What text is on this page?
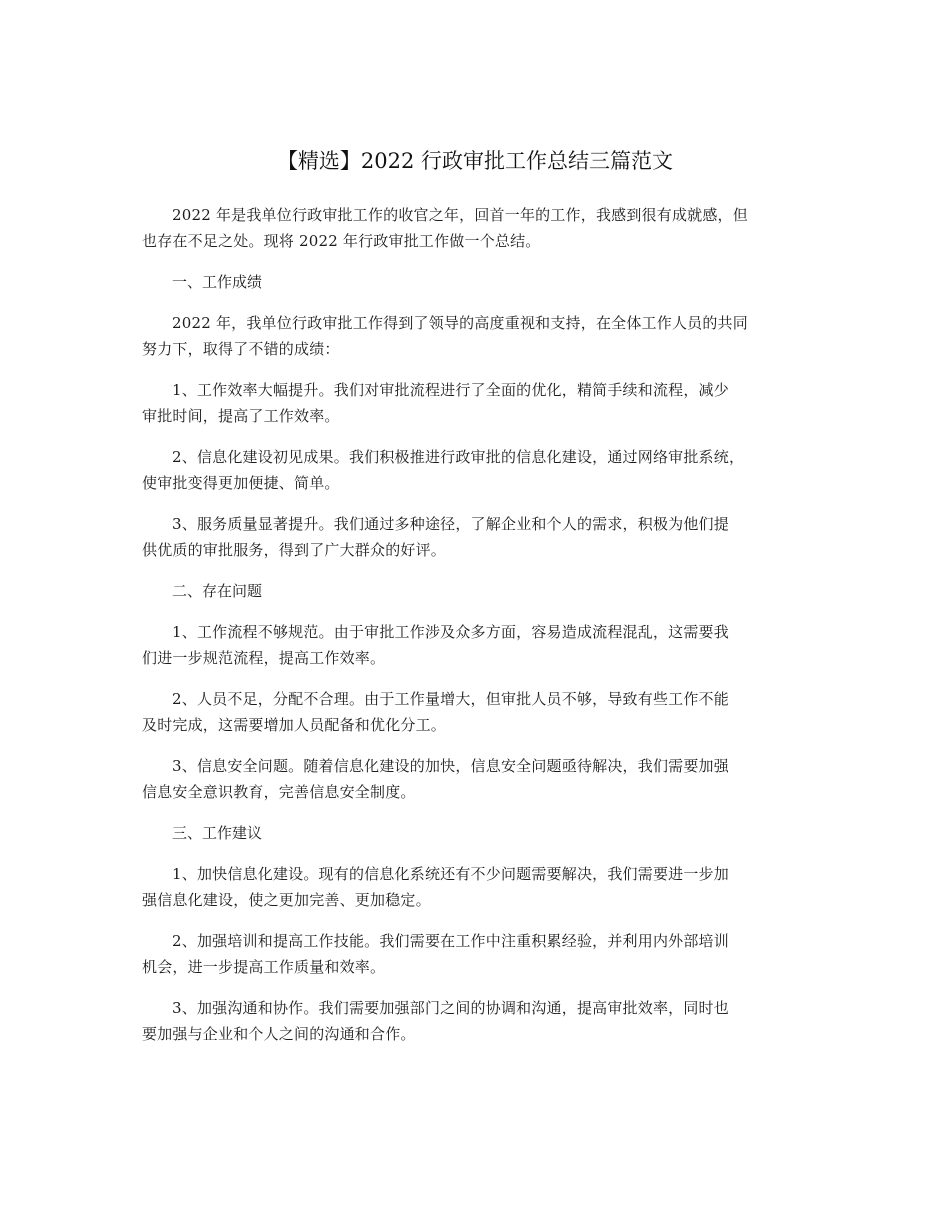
【精选】2022 行政审批工作总结三篇范文

2022 年是我单位行政审批工作的收官之年，回首一年的工作，我感到很有成就感，但
也存在不足之处。现将 2022 年行政审批工作做一个总结。

一、工作成绩

2022 年，我单位行政审批工作得到了领导的高度重视和支持，在全体工作人员的共同
努力下，取得了不错的成绩：

1、工作效率大幅提升。我们对审批流程进行了全面的优化，精简手续和流程，减少
审批时间，提高了工作效率。

2、信息化建设初见成果。我们积极推进行政审批的信息化建设，通过网络审批系统，
使审批变得更加便捷、简单。

3、服务质量显著提升。我们通过多种途径，了解企业和个人的需求，积极为他们提
供优质的审批服务，得到了广大群众的好评。

二、存在问题

1、工作流程不够规范。由于审批工作涉及众多方面，容易造成流程混乱，这需要我
们进一步规范流程，提高工作效率。

2、人员不足，分配不合理。由于工作量增大，但审批人员不够，导致有些工作不能
及时完成，这需要增加人员配备和优化分工。

3、信息安全问题。随着信息化建设的加快，信息安全问题亟待解决，我们需要加强
信息安全意识教育，完善信息安全制度。

三、工作建议

1、加快信息化建设。现有的信息化系统还有不少问题需要解决，我们需要进一步加
强信息化建设，使之更加完善、更加稳定。

2、加强培训和提高工作技能。我们需要在工作中注重积累经验，并利用内外部培训
机会，进一步提高工作质量和效率。

3、加强沟通和协作。我们需要加强部门之间的协调和沟通，提高审批效率，同时也
要加强与企业和个人之间的沟通和合作。
